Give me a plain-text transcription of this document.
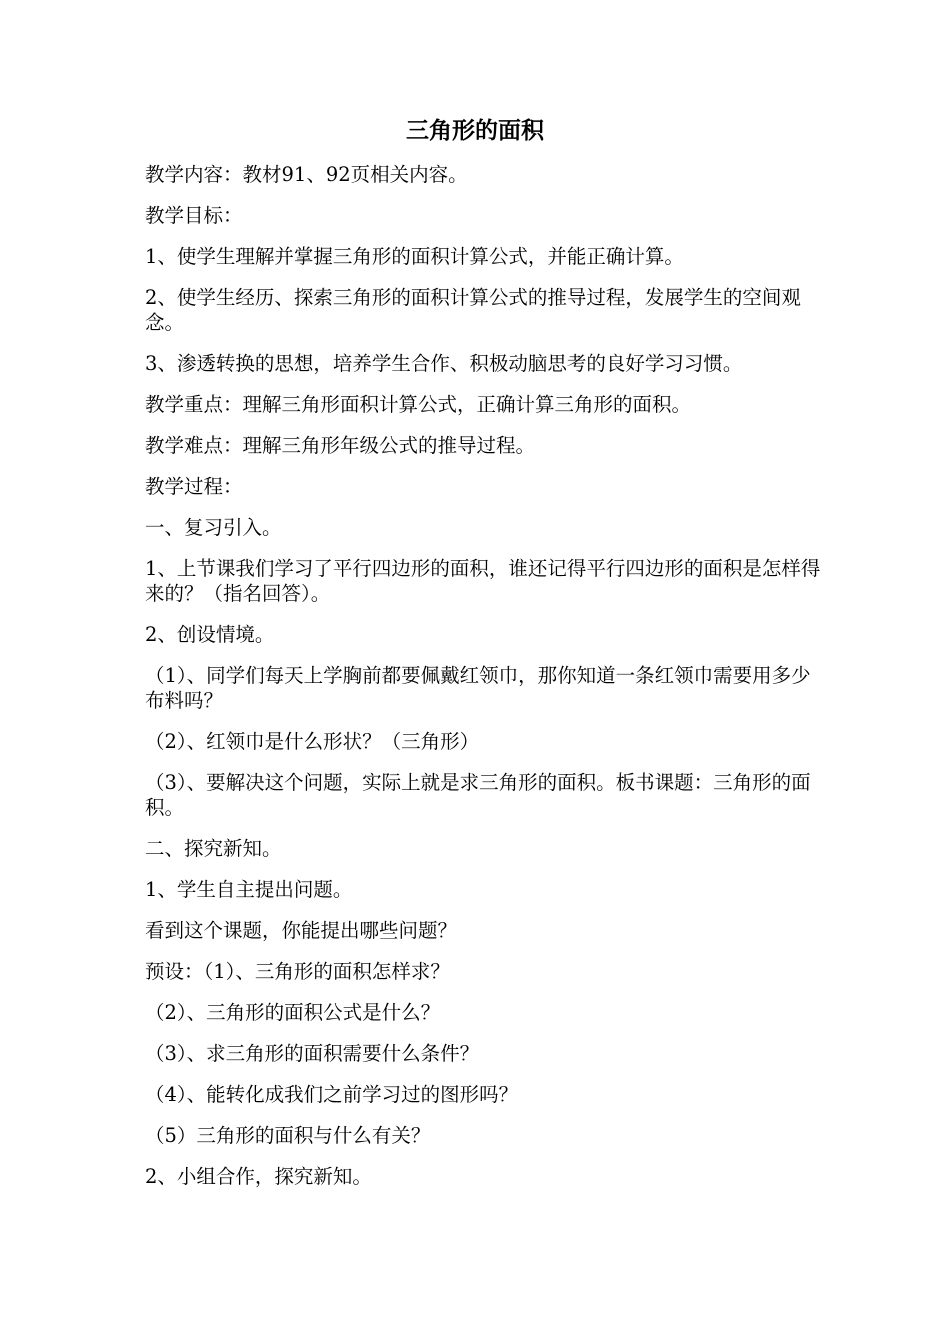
三角形的面积

教学内容：教材91、92页相关内容。

教学目标：

1、使学生理解并掌握三角形的面积计算公式，并能正确计算。

2、使学生经历、探索三角形的面积计算公式的推导过程，发展学生的空间观念。

3、渗透转换的思想，培养学生合作、积极动脑思考的良好学习习惯。

教学重点：理解三角形面积计算公式，正确计算三角形的面积。

教学难点：理解三角形年级公式的推导过程。

教学过程：

一、复习引入。

1、上节课我们学习了平行四边形的面积，谁还记得平行四边形的面积是怎样得来的？（指名回答）。

2、创设情境。

（1）、同学们每天上学胸前都要佩戴红领巾，那你知道一条红领巾需要用多少布料吗？

（2）、红领巾是什么形状？（三角形）

（3）、要解决这个问题，实际上就是求三角形的面积。板书课题：三角形的面积。

二、探究新知。

1、学生自主提出问题。

看到这个课题，你能提出哪些问题？

预设：（1）、三角形的面积怎样求？

（2）、三角形的面积公式是什么？

（3）、求三角形的面积需要什么条件？

（4）、能转化成我们之前学习过的图形吗？

（5）三角形的面积与什么有关？

2、小组合作，探究新知。
